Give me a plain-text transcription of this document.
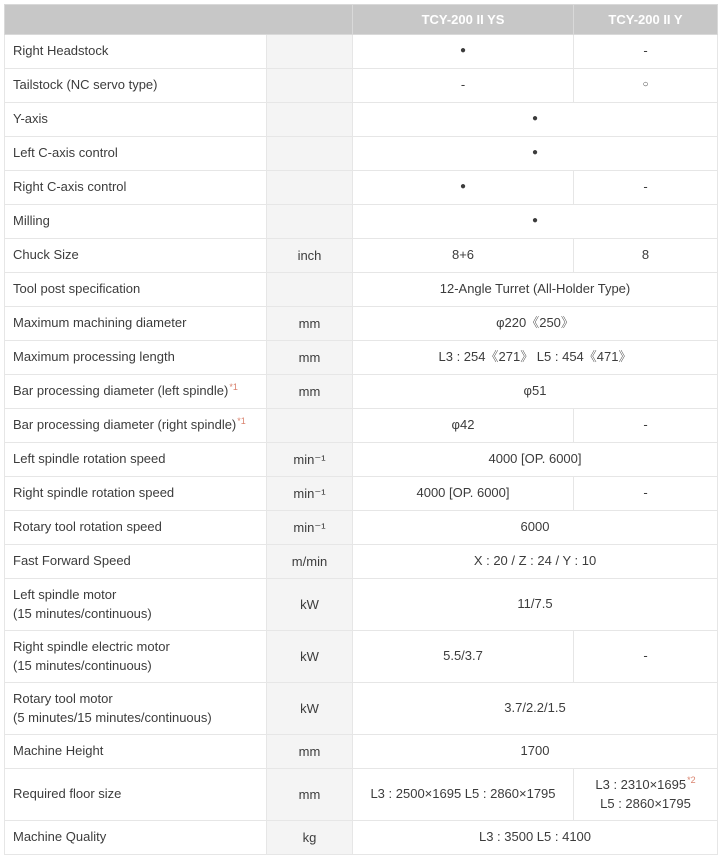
		TCY-200 II YS	TCY-200 II Y
Right Headstock		●	-
Tailstock (NC servo type)		-	○
Y-axis		●	
Left C-axis control		●	
Right C-axis control		●	-
Milling		●	
Chuck Size	inch	8+6	8
Tool post specification		12-Angle Turret (All-Holder Type)	
Maximum machining diameter	mm	φ220《250》	
Maximum processing length	mm	L3 : 254《271》 L5 : 454《471》	
Bar processing diameter (left spindle)$^{*1}$	mm	φ51	
Bar processing diameter (right spindle)$^{*1}$		φ42	-
Left spindle rotation speed	min⁻¹	4000 [OP. 6000]	
Right spindle rotation speed	min⁻¹	4000 [OP. 6000]	-
Rotary tool rotation speed	min⁻¹	6000	
Fast Forward Speed	m/min	X : 20 / Z : 24 / Y : 10	
Left spindle motor
(15 minutes/continuous)	kW	11/7.5	
Right spindle electric motor
(15 minutes/continuous)	kW	5.5/3.7	-
Rotary tool motor
(5 minutes/15 minutes/continuous)	kW	3.7/2.2/1.5	
Machine Height	mm	1700	
Required floor size	mm	L3 : 2500×1695 L5 : 2860×1795	L3 : 2310×1695$^{*2}$
L5 : 2860×1795
Machine Quality	kg	L3 : 3500 L5 : 4100	
